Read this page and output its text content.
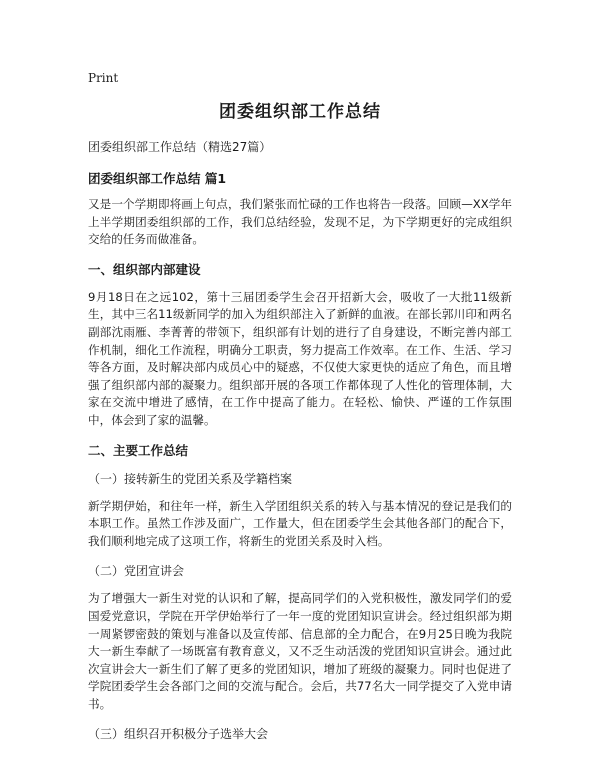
Print
团委组织部工作总结
团委组织部工作总结（精选27篇）
团委组织部工作总结 篇1

又是一个学期即将画上句点，我们紧张而忙碌的工作也将告一段落。回顾—XX学年上半学期团委组织部的工作，我们总结经验，发现不足，为下学期更好的完成组织交给的任务而做准备。

一、组织部内部建设

9月18日在之远102，第十三届团委学生会召开招新大会，吸收了一大批11级新生，其中三名11级新同学的加入为组织部注入了新鲜的血液。在部长郭川印和两名副部沈雨雁、李菁菁的带领下，组织部有计划的进行了自身建设，不断完善内部工作机制，细化工作流程，明确分工职责，努力提高工作效率。在工作、生活、学习等各方面，及时解决部内成员心中的疑惑，不仅使大家更快的适应了角色，而且增强了组织部内部的凝聚力。组织部开展的各项工作都体现了人性化的管理体制，大家在交流中增进了感情，在工作中提高了能力。在轻松、愉快、严谨的工作氛围中，体会到了家的温馨。

二、主要工作总结
（一）接转新生的党团关系及学籍档案

新学期伊始，和往年一样，新生入学团组织关系的转入与基本情况的登记是我们的本职工作。虽然工作涉及面广，工作量大，但在团委学生会其他各部门的配合下，我们顺利地完成了这项工作，将新生的党团关系及时入档。

（二）党团宣讲会

为了增强大一新生对党的认识和了解，提高同学们的入党积极性，激发同学们的爱国爱党意识，学院在开学伊始举行了一年一度的党团知识宣讲会。经过组织部为期一周紧锣密鼓的策划与准备以及宣传部、信息部的全力配合，在9月25日晚为我院大一新生奉献了一场既富有教育意义，又不乏生动活泼的党团知识宣讲会。通过此次宣讲会大一新生们了解了更多的党团知识，增加了班级的凝聚力。同时也促进了学院团委学生会各部门之间的交流与配合。会后，共77名大一同学提交了入党申请书。

（三）组织召开积极分子选举大会
